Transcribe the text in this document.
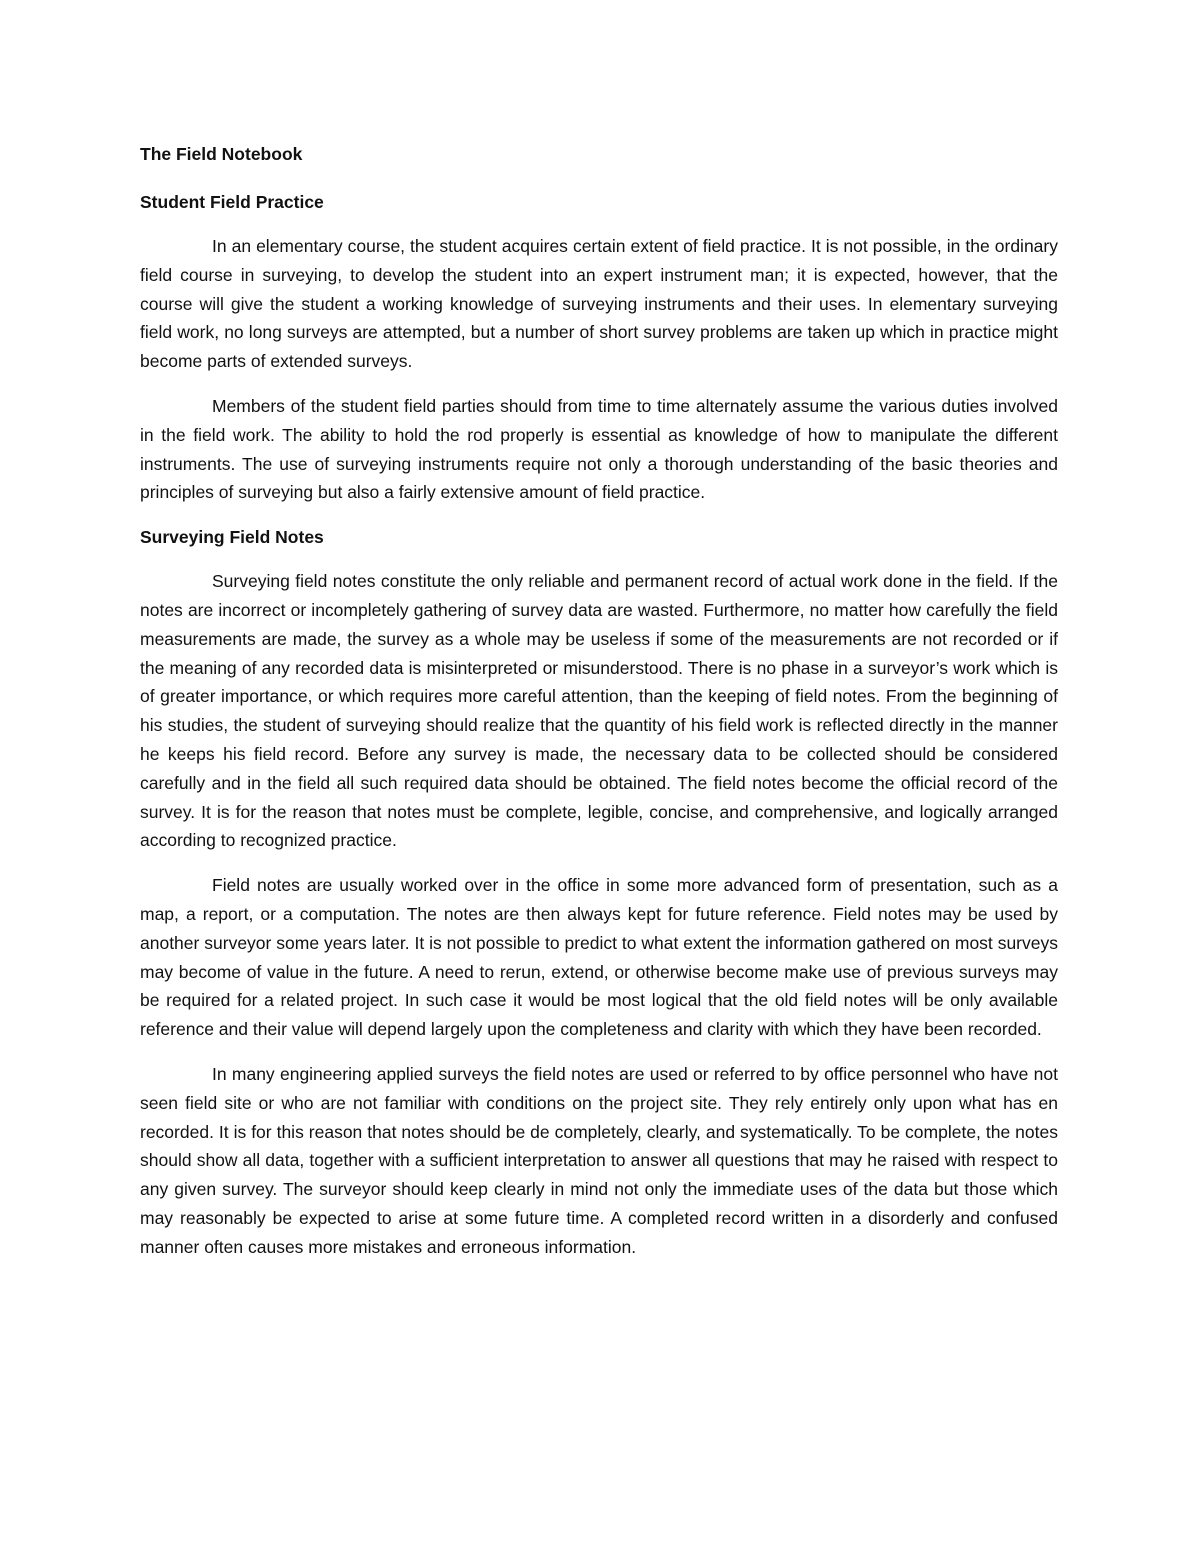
The Field Notebook
Student Field Practice

In an elementary course, the student acquires certain extent of field practice. It is not possible, in the ordinary field course in surveying, to develop the student into an expert instrument man; it is expected, however, that the course will give the student a working knowledge of surveying instruments and their uses. In elementary surveying field work, no long surveys are attempted, but a number of short survey problems are taken up which in practice might become parts of extended surveys.

Members of the student field parties should from time to time alternately assume the various duties involved in the field work. The ability to hold the rod properly is essential as knowledge of how to manipulate the different instruments. The use of surveying instruments require not only a thorough understanding of the basic theories and principles of surveying but also a fairly extensive amount of field practice.

Surveying Field Notes

Surveying field notes constitute the only reliable and permanent record of actual work done in the field. If the notes are incorrect or incompletely gathering of survey data are wasted. Furthermore, no matter how carefully the field measurements are made, the survey as a whole may be useless if some of the measurements are not recorded or if the meaning of any recorded data is misinterpreted or misunderstood. There is no phase in a surveyor’s work which is of greater importance, or which requires more careful attention, than the keeping of field notes. From the beginning of his studies, the student of surveying should realize that the quantity of his field work is reflected directly in the manner he keeps his field record. Before any survey is made, the necessary data to be collected should be considered carefully and in the field all such required data should be obtained. The field notes become the official record of the survey. It is for the reason that notes must be complete, legible, concise, and comprehensive, and logically arranged according to recognized practice.

Field notes are usually worked over in the office in some more advanced form of presentation, such as a map, a report, or a computation. The notes are then always kept for future reference. Field notes may be used by another surveyor some years later. It is not possible to predict to what extent the information gathered on most surveys may become of value in the future. A need to rerun, extend, or otherwise become make use of previous surveys may be required for a related project. In such case it would be most logical that the old field notes will be only available reference and their value will depend largely upon the completeness and clarity with which they have been recorded.

In many engineering applied surveys the field notes are used or referred to by office personnel who have not seen field site or who are not familiar with conditions on the project site. They rely entirely only upon what has en recorded. It is for this reason that notes should be de completely, clearly, and systematically. To be complete, the notes should show all data, together with a sufficient interpretation to answer all questions that may he raised with respect to any given survey. The surveyor should keep clearly in mind not only the immediate uses of the data but those which may reasonably be expected to arise at some future time. A completed record written in a disorderly and confused manner often causes more mistakes and erroneous information.
